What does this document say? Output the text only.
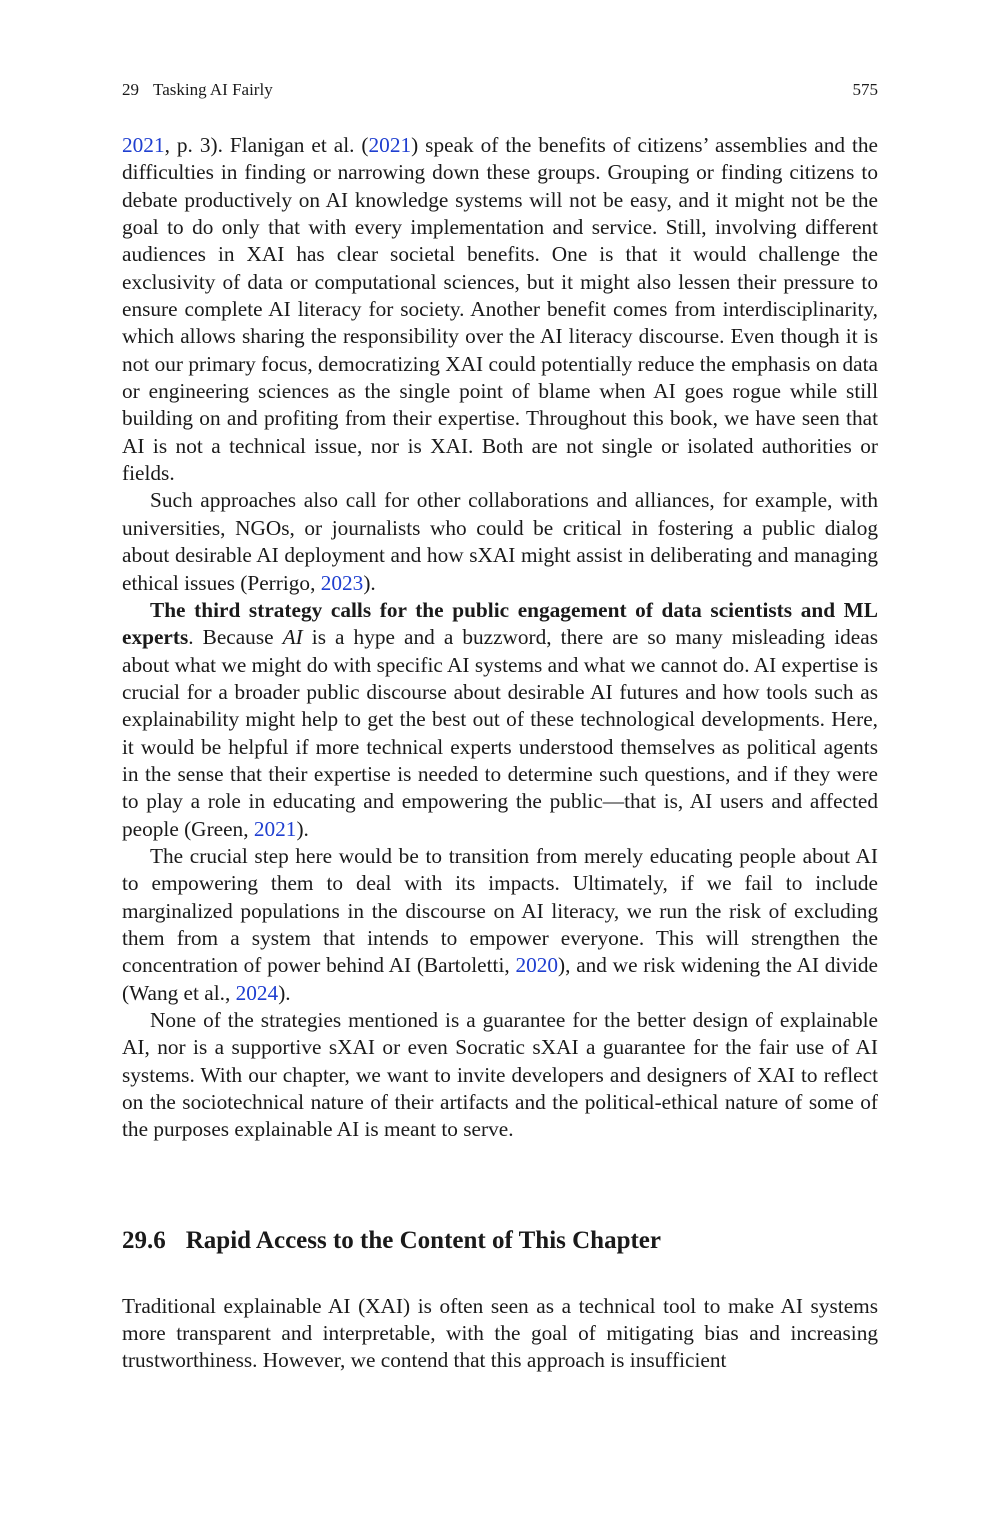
29 Tasking AI Fairly	575

2021, p. 3). Flanigan et al. (2021) speak of the benefits of citizens’ assemblies and the difficulties in finding or narrowing down these groups. Grouping or finding citizens to debate productively on AI knowledge systems will not be easy, and it might not be the goal to do only that with every implementation and service. Still, involving different audiences in XAI has clear societal benefits. One is that it would challenge the exclusivity of data or computational sciences, but it might also lessen their pressure to ensure complete AI literacy for society. Another benefit comes from interdisciplinarity, which allows sharing the responsibility over the AI literacy discourse. Even though it is not our primary focus, democratizing XAI could potentially reduce the emphasis on data or engineering sciences as the single point of blame when AI goes rogue while still building on and profiting from their expertise. Throughout this book, we have seen that AI is not a technical issue, nor is XAI. Both are not single or isolated authorities or fields.

Such approaches also call for other collaborations and alliances, for example, with universities, NGOs, or journalists who could be critical in fostering a public dialog about desirable AI deployment and how sXAI might assist in deliberating and managing ethical issues (Perrigo, 2023).

The third strategy calls for the public engagement of data scientists and ML experts. Because AI is a hype and a buzzword, there are so many misleading ideas about what we might do with specific AI systems and what we cannot do. AI expertise is crucial for a broader public discourse about desirable AI futures and how tools such as explainability might help to get the best out of these technological developments. Here, it would be helpful if more technical experts understood themselves as political agents in the sense that their expertise is needed to determine such questions, and if they were to play a role in educating and empowering the public—that is, AI users and affected people (Green, 2021).

The crucial step here would be to transition from merely educating people about AI to empowering them to deal with its impacts. Ultimately, if we fail to include marginalized populations in the discourse on AI literacy, we run the risk of excluding them from a system that intends to empower everyone. This will strengthen the concentration of power behind AI (Bartoletti, 2020), and we risk widening the AI divide (Wang et al., 2024).

None of the strategies mentioned is a guarantee for the better design of explainable AI, nor is a supportive sXAI or even Socratic sXAI a guarantee for the fair use of AI systems. With our chapter, we want to invite developers and designers of XAI to reflect on the sociotechnical nature of their artifacts and the political-ethical nature of some of the purposes explainable AI is meant to serve.

29.6 Rapid Access to the Content of This Chapter

Traditional explainable AI (XAI) is often seen as a technical tool to make AI systems more transparent and interpretable, with the goal of mitigating bias and increasing trustworthiness. However, we contend that this approach is insufficient
